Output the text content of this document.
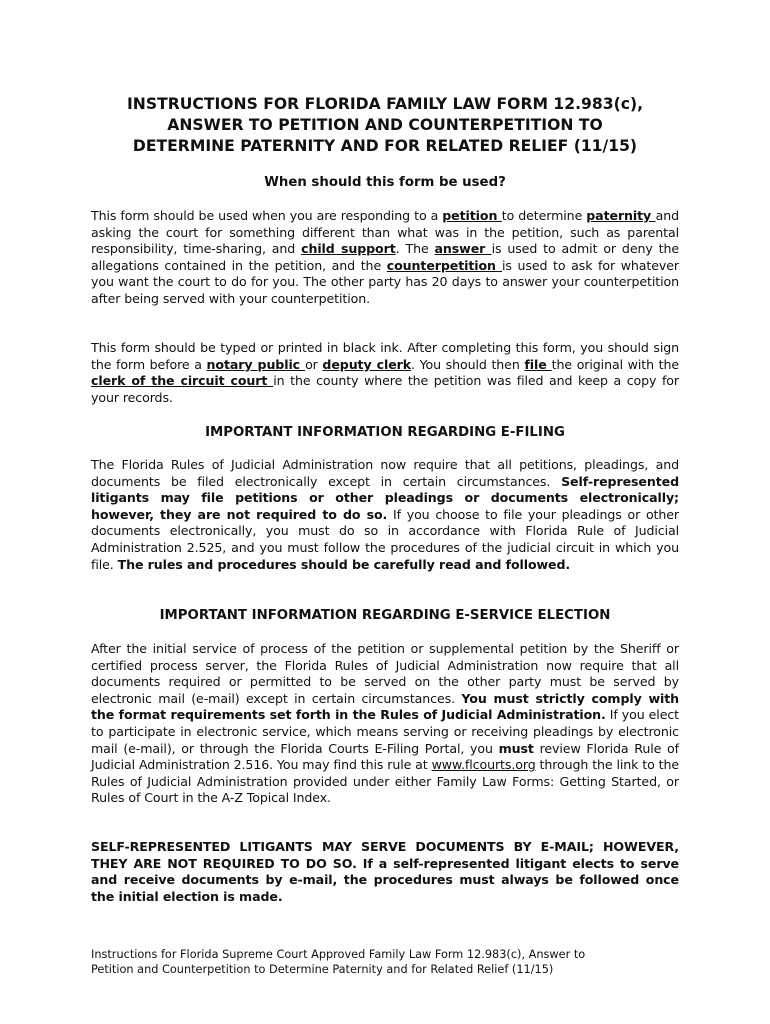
INSTRUCTIONS FOR FLORIDA FAMILY LAW FORM 12.983(c),
ANSWER TO PETITION AND COUNTERPETITION TO
DETERMINE PATERNITY AND FOR RELATED RELIEF (11/15)
When should this form be used?
This form should be used when you are responding to a petition to determine paternity and asking the court for something different than what was in the petition, such as parental responsibility, time-sharing, and child support. The answer is used to admit or deny the allegations contained in the petition, and the counterpetition is used to ask for whatever you want the court to do for you. The other party has 20 days to answer your counterpetition after being served with your counterpetition.
This form should be typed or printed in black ink. After completing this form, you should sign the form before a notary public or deputy clerk. You should then file the original with the clerk of the circuit court in the county where the petition was filed and keep a copy for your records.
IMPORTANT INFORMATION REGARDING E-FILING
The Florida Rules of Judicial Administration now require that all petitions, pleadings, and documents be filed electronically except in certain circumstances. Self-represented litigants may file petitions or other pleadings or documents electronically; however, they are not required to do so. If you choose to file your pleadings or other documents electronically, you must do so in accordance with Florida Rule of Judicial Administration 2.525, and you must follow the procedures of the judicial circuit in which you file. The rules and procedures should be carefully read and followed.
IMPORTANT INFORMATION REGARDING E-SERVICE ELECTION
After the initial service of process of the petition or supplemental petition by the Sheriff or certified process server, the Florida Rules of Judicial Administration now require that all documents required or permitted to be served on the other party must be served by electronic mail (e-mail) except in certain circumstances. You must strictly comply with the format requirements set forth in the Rules of Judicial Administration. If you elect to participate in electronic service, which means serving or receiving pleadings by electronic mail (e-mail), or through the Florida Courts E-Filing Portal, you must review Florida Rule of Judicial Administration 2.516. You may find this rule at www.flcourts.org through the link to the Rules of Judicial Administration provided under either Family Law Forms: Getting Started, or Rules of Court in the A-Z Topical Index.
SELF-REPRESENTED LITIGANTS MAY SERVE DOCUMENTS BY E-MAIL; HOWEVER, THEY ARE NOT REQUIRED TO DO SO. If a self-represented litigant elects to serve and receive documents by e-mail, the procedures must always be followed once the initial election is made.
Instructions for Florida Supreme Court Approved Family Law Form 12.983(c), Answer to
Petition and Counterpetition to Determine Paternity and for Related Relief (11/15)
